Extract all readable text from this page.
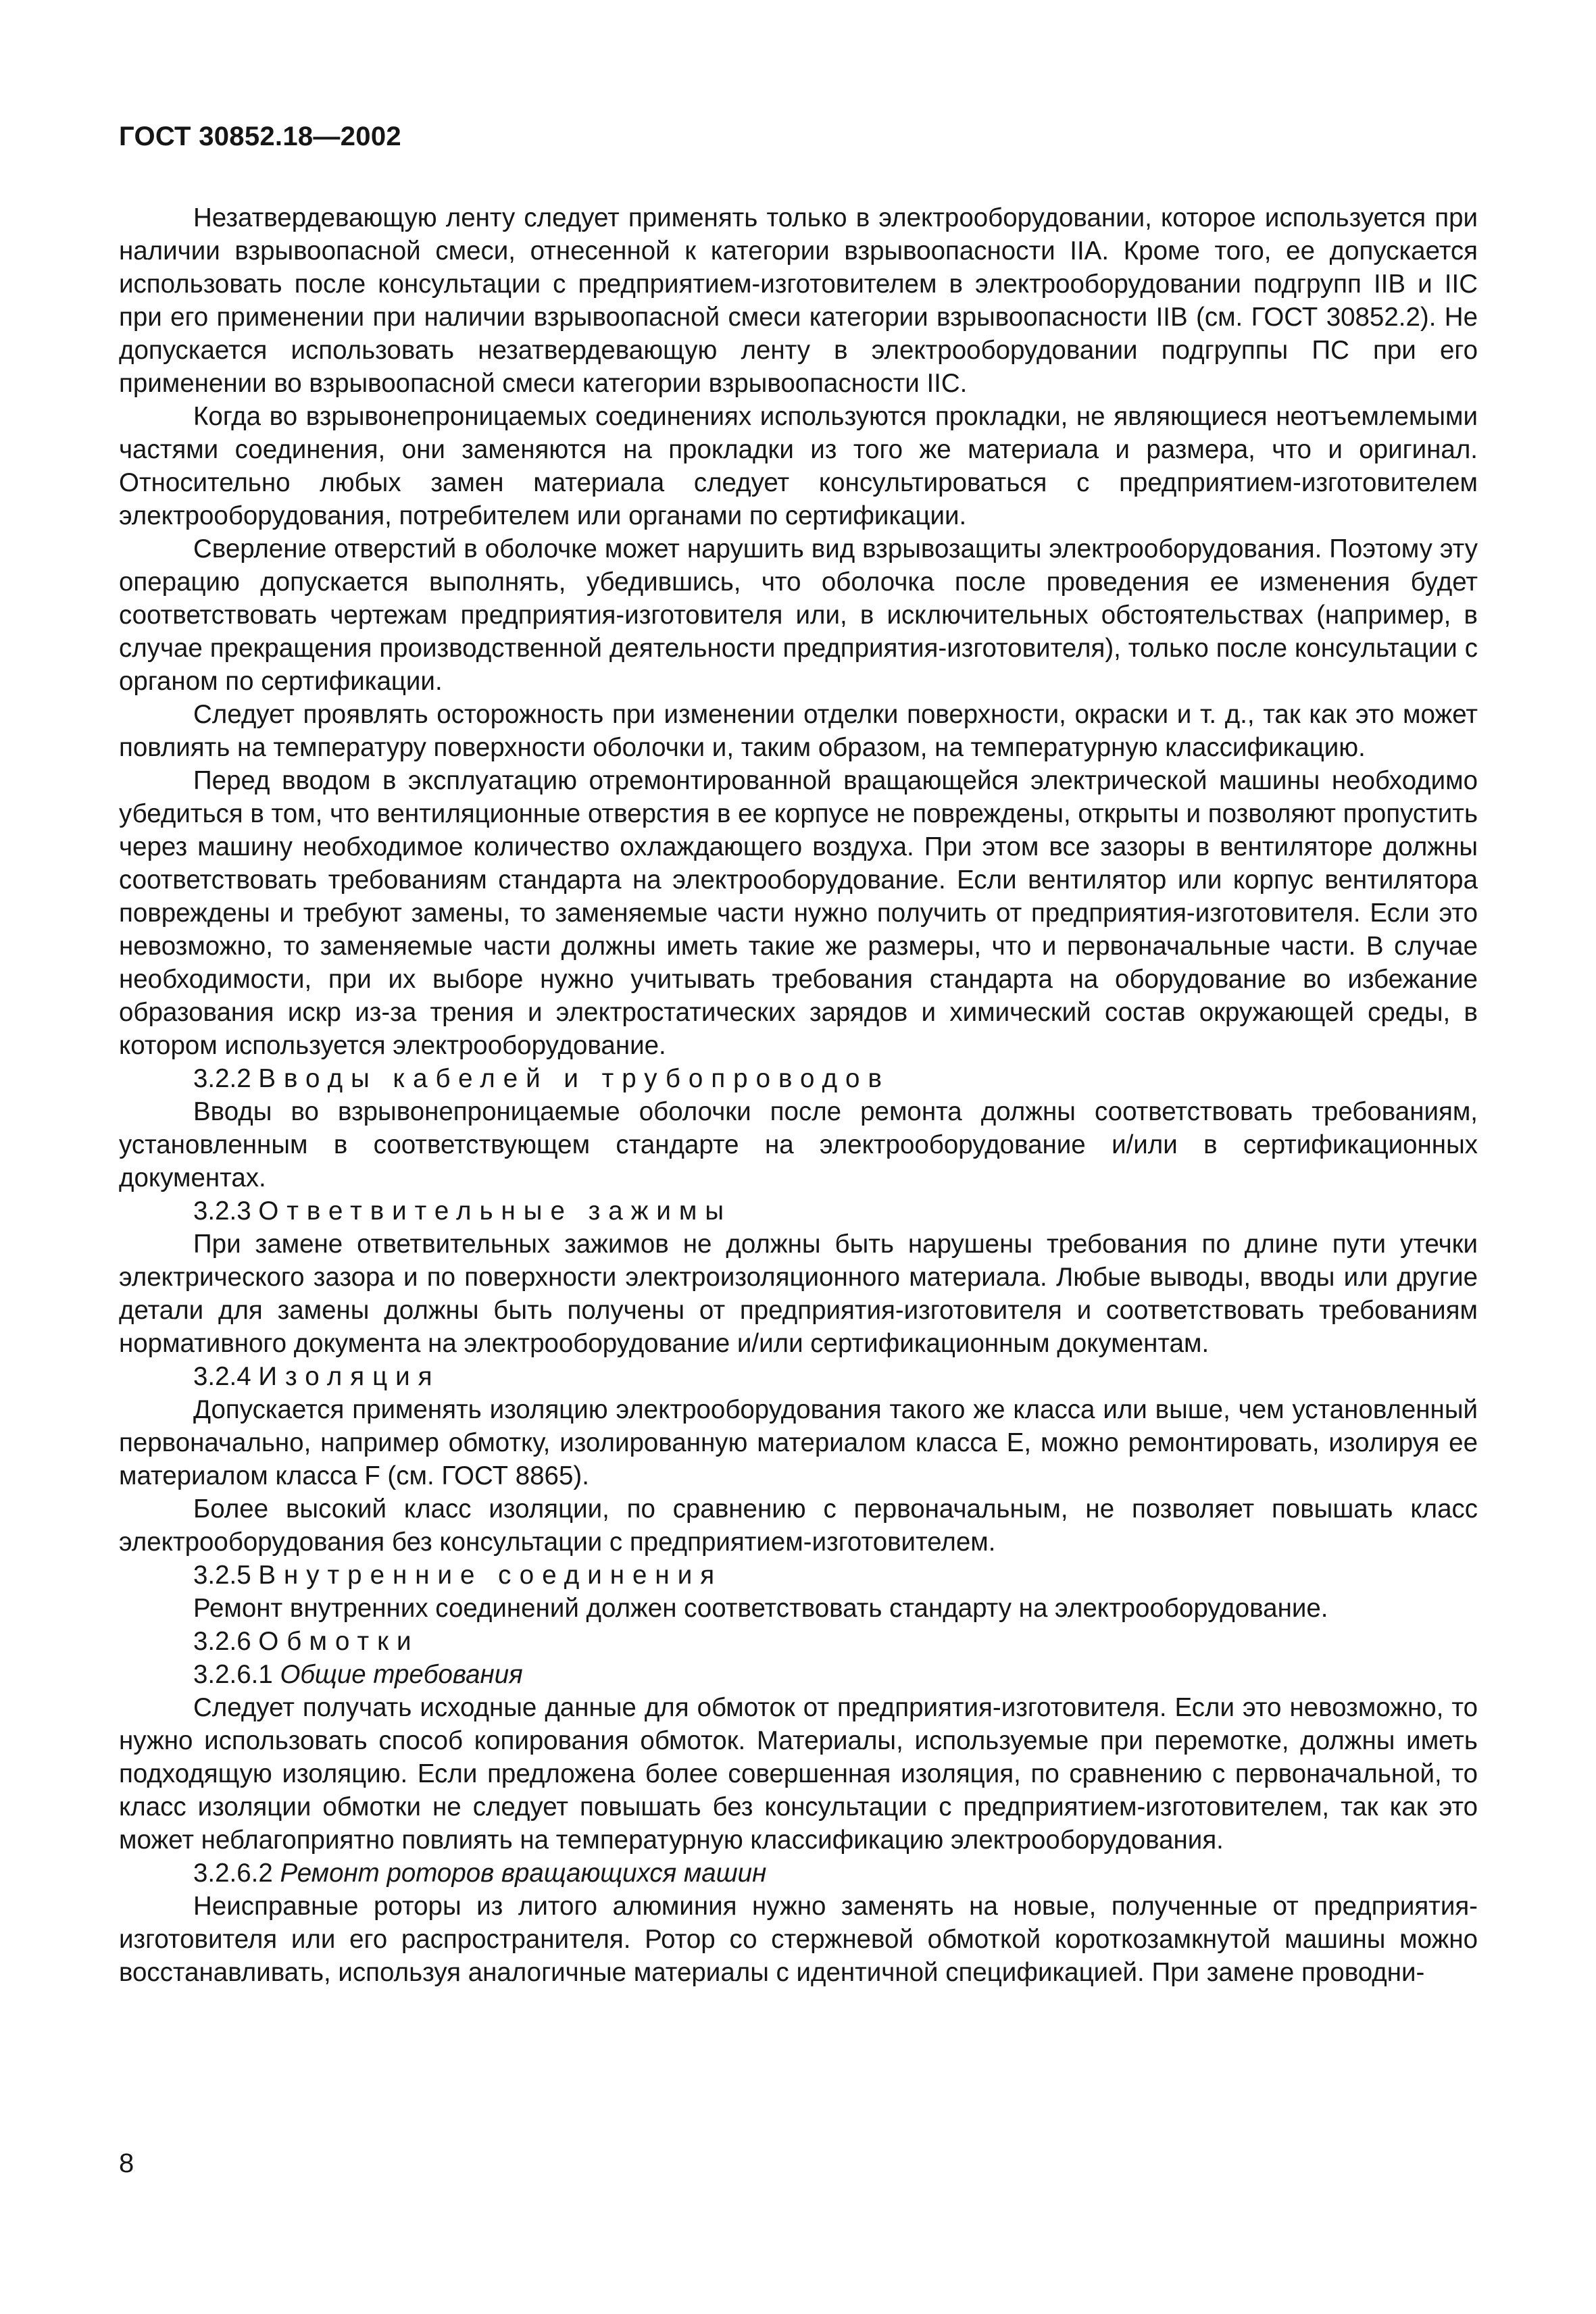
ГОСТ 30852.18—2002

Незатвердевающую ленту следует применять только в электрооборудовании, которое используется при наличии взрывоопасной смеси, отнесенной к категории взрывоопасности IIA. Кроме того, ее допускается использовать после консультации с предприятием-изготовителем в электрооборудовании подгрупп IIB и IIC при его применении при наличии взрывоопасной смеси категории взрывоопасности IIB (см. ГОСТ 30852.2). Не допускается использовать незатвердевающую ленту в электрооборудовании подгруппы ПС при его применении во взрывоопасной смеси категории взрывоопасности IIC.

Когда во взрывонепроницаемых соединениях используются прокладки, не являющиеся неотъемлемыми частями соединения, они заменяются на прокладки из того же материала и размера, что и оригинал. Относительно любых замен материала следует консультироваться с предприятием-изготовителем электрооборудования, потребителем или органами по сертификации.

Сверление отверстий в оболочке может нарушить вид взрывозащиты электрооборудования. Поэтому эту операцию допускается выполнять, убедившись, что оболочка после проведения ее изменения будет соответствовать чертежам предприятия-изготовителя или, в исключительных обстоятельствах (например, в случае прекращения производственной деятельности предприятия-изготовителя), только после консультации с органом по сертификации.

Следует проявлять осторожность при изменении отделки поверхности, окраски и т. д., так как это может повлиять на температуру поверхности оболочки и, таким образом, на температурную классификацию.

Перед вводом в эксплуатацию отремонтированной вращающейся электрической машины необходимо убедиться в том, что вентиляционные отверстия в ее корпусе не повреждены, открыты и позволяют пропустить через машину необходимое количество охлаждающего воздуха. При этом все зазоры в вентиляторе должны соответствовать требованиям стандарта на электрооборудование. Если вентилятор или корпус вентилятора повреждены и требуют замены, то заменяемые части нужно получить от предприятия-изготовителя. Если это невозможно, то заменяемые части должны иметь такие же размеры, что и первоначальные части. В случае необходимости, при их выборе нужно учитывать требования стандарта на оборудование во избежание образования искр из-за трения и электростатических зарядов и химический состав окружающей среды, в котором используется электрооборудование.

3.2.2 Вводы кабелей и трубопроводов

Вводы во взрывонепроницаемые оболочки после ремонта должны соответствовать требованиям, установленным в соответствующем стандарте на электрооборудование и/или в сертификационных документах.

3.2.3 Ответвительные зажимы

При замене ответвительных зажимов не должны быть нарушены требования по длине пути утечки электрического зазора и по поверхности электроизоляционного материала. Любые выводы, вводы или другие детали для замены должны быть получены от предприятия-изготовителя и соответствовать требованиям нормативного документа на электрооборудование и/или сертификационным документам.

3.2.4 Изоляция

Допускается применять изоляцию электрооборудования такого же класса или выше, чем установленный первоначально, например обмотку, изолированную материалом класса E, можно ремонтировать, изолируя ее материалом класса F (см. ГОСТ 8865).

Более высокий класс изоляции, по сравнению с первоначальным, не позволяет повышать класс электрооборудования без консультации с предприятием-изготовителем.

3.2.5 Внутренние соединения

Ремонт внутренних соединений должен соответствовать стандарту на электрооборудование.

3.2.6 Обмотки

3.2.6.1 Общие требования

Следует получать исходные данные для обмоток от предприятия-изготовителя. Если это невозможно, то нужно использовать способ копирования обмоток. Материалы, используемые при перемотке, должны иметь подходящую изоляцию. Если предложена более совершенная изоляция, по сравнению с первоначальной, то класс изоляции обмотки не следует повышать без консультации с предприятием-изготовителем, так как это может неблагоприятно повлиять на температурную классификацию электрооборудования.

3.2.6.2 Ремонт роторов вращающихся машин

Неисправные роторы из литого алюминия нужно заменять на новые, полученные от предприятия-изготовителя или его распространителя. Ротор со стержневой обмоткой короткозамкнутой машины можно восстанавливать, используя аналогичные материалы с идентичной спецификацией. При замене проводни-

8
